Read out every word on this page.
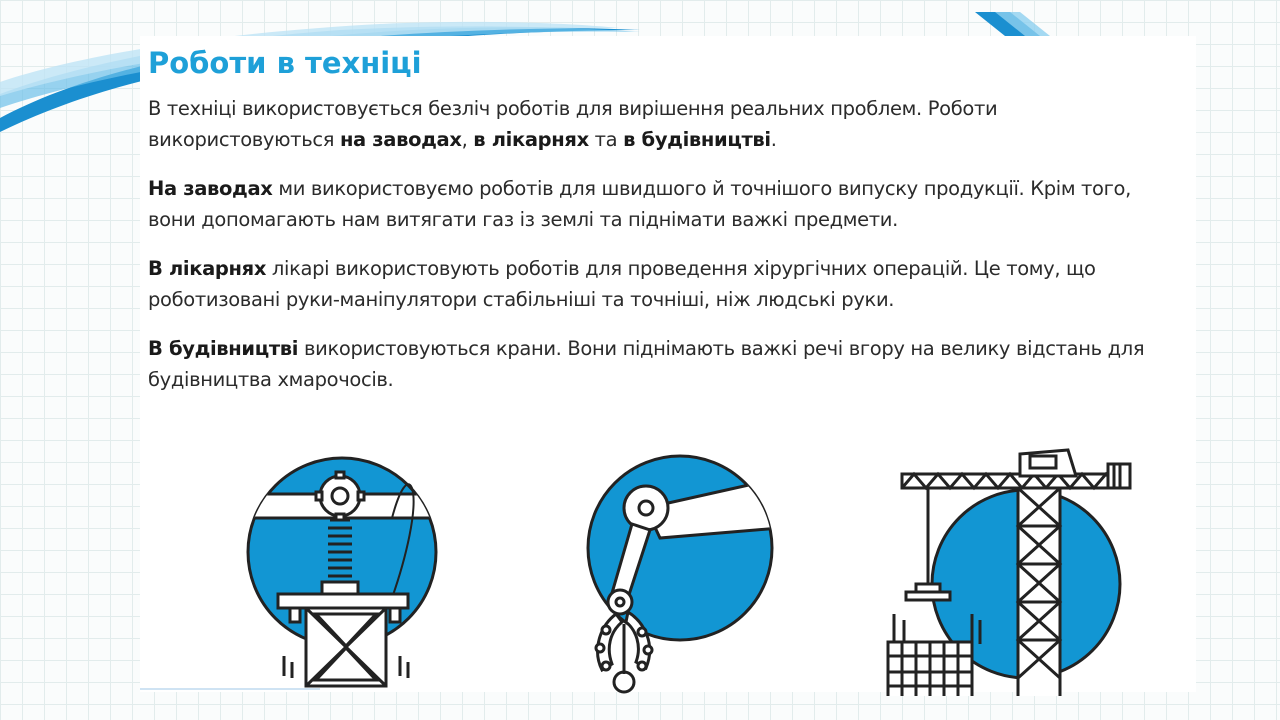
Роботи в техніці

В техніці використовується безліч роботів для вирішення реальних проблем. Роботи використовуються на заводах, в лікарнях та в будівництві.

На заводах ми використовуємо роботів для швидшого й точнішого випуску продукції. Крім того, вони допомагають нам витягати газ із землі та піднімати важкі предмети.

В лікарнях лікарі використовують роботів для проведення хірургічних операцій. Це тому, що роботизовані руки-маніпулятори стабільніші та точніші, ніж людські руки.

В будівництві використовуються крани. Вони піднімають важкі речі вгору на велику відстань для будівництва хмарочосів.
